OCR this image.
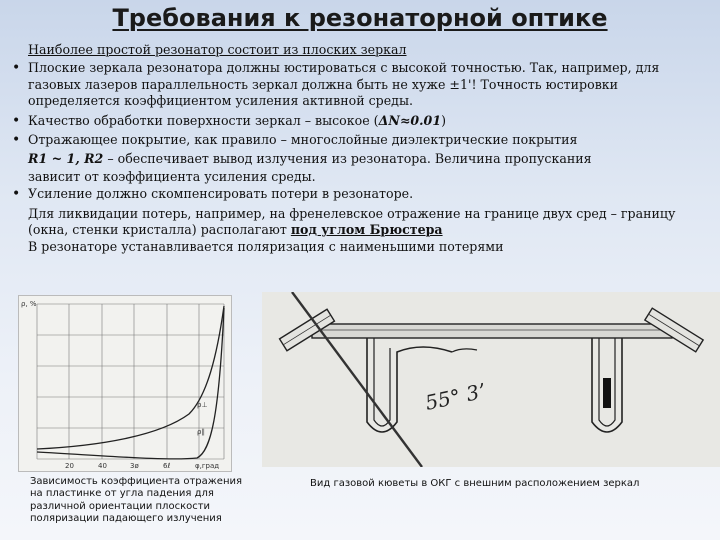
Требования к резонаторной оптике
Наиболее простой резонатор состоит из плоских зеркал
• Плоские зеркала резонатора должны юстироваться с высокой точностью. Так, например, для газовых лазеров параллельность зеркал должна быть не хуже ±1'! Точность юстировки определяется коэффициентом усиления активной среды.
• Качество обработки поверхности зеркал – высокое (ΔN≈0.01)
• Отражающее покрытие, как правило – многослойные диэлектрические покрытия
R1 ~ 1, R2 – обеспечивает вывод излучения из резонатора. Величина пропускания
зависит от коэффициента усиления среды.
• Усиление должно скомпенсировать потери в резонаторе.
Для ликвидации потерь, например, на френелевское отражение на границе двух сред – границу (окна, стенки кристалла) располагают под углом Брюстера
В резонаторе устанавливается поляризация с наименьшими потерями
ρ, %
ρ⊥
ρ∥
20	40	3ø	6ℓ	φ,град
55° 3ʼ
Зависимость коэффициента отражения на пластинке от угла падения для различной ориентации плоскости поляризации падающего излучения
Вид газовой кюветы в ОКГ с внешним расположением зеркал
